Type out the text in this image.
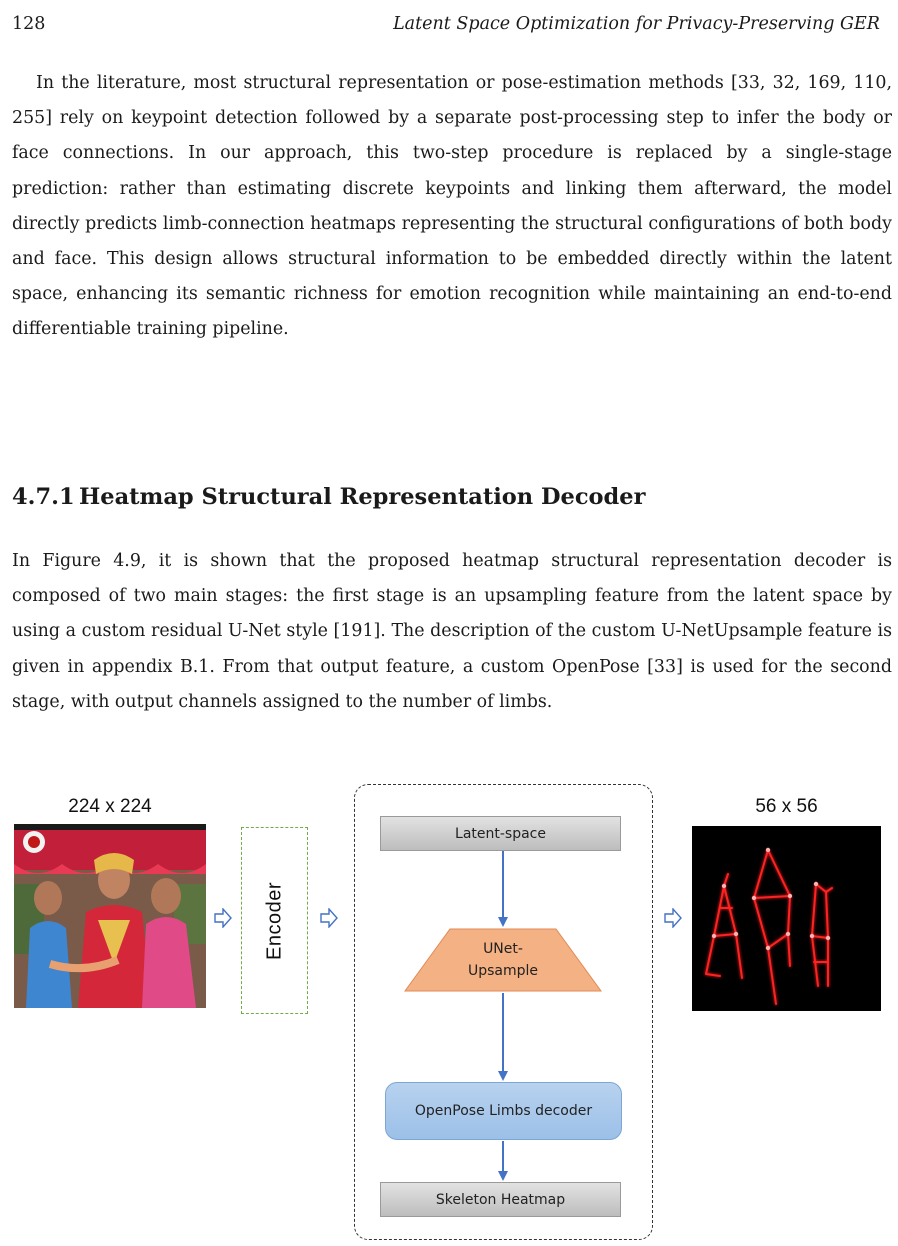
128	Latent Space Optimization for Privacy-Preserving GER

In the literature, most structural representation or pose-estimation methods [33, 32, 169, 110, 255] rely on keypoint detection followed by a separate post-processing step to infer the body or face connections. In our approach, this two-step procedure is replaced by a single-stage prediction: rather than estimating discrete keypoints and linking them afterward, the model directly predicts limb-connection heatmaps representing the structural configurations of both body and face. This design allows structural information to be embedded directly within the latent space, enhancing its semantic richness for emotion recognition while maintaining an end-to-end differentiable training pipeline.

4.7.1 Heatmap Structural Representation Decoder

In Figure 4.9, it is shown that the proposed heatmap structural representation decoder is composed of two main stages: the first stage is an upsampling feature from the latent space by using a custom residual U-Net style [191]. The description of the custom U-NetUpsample feature is given in appendix B.1. From that output feature, a custom OpenPose [33] is used for the second stage, with output channels assigned to the number of limbs.

224 x 224
Encoder
Latent-space
UNet-
Upsample
OpenPose Limbs decoder
Skeleton Heatmap
56 x 56
